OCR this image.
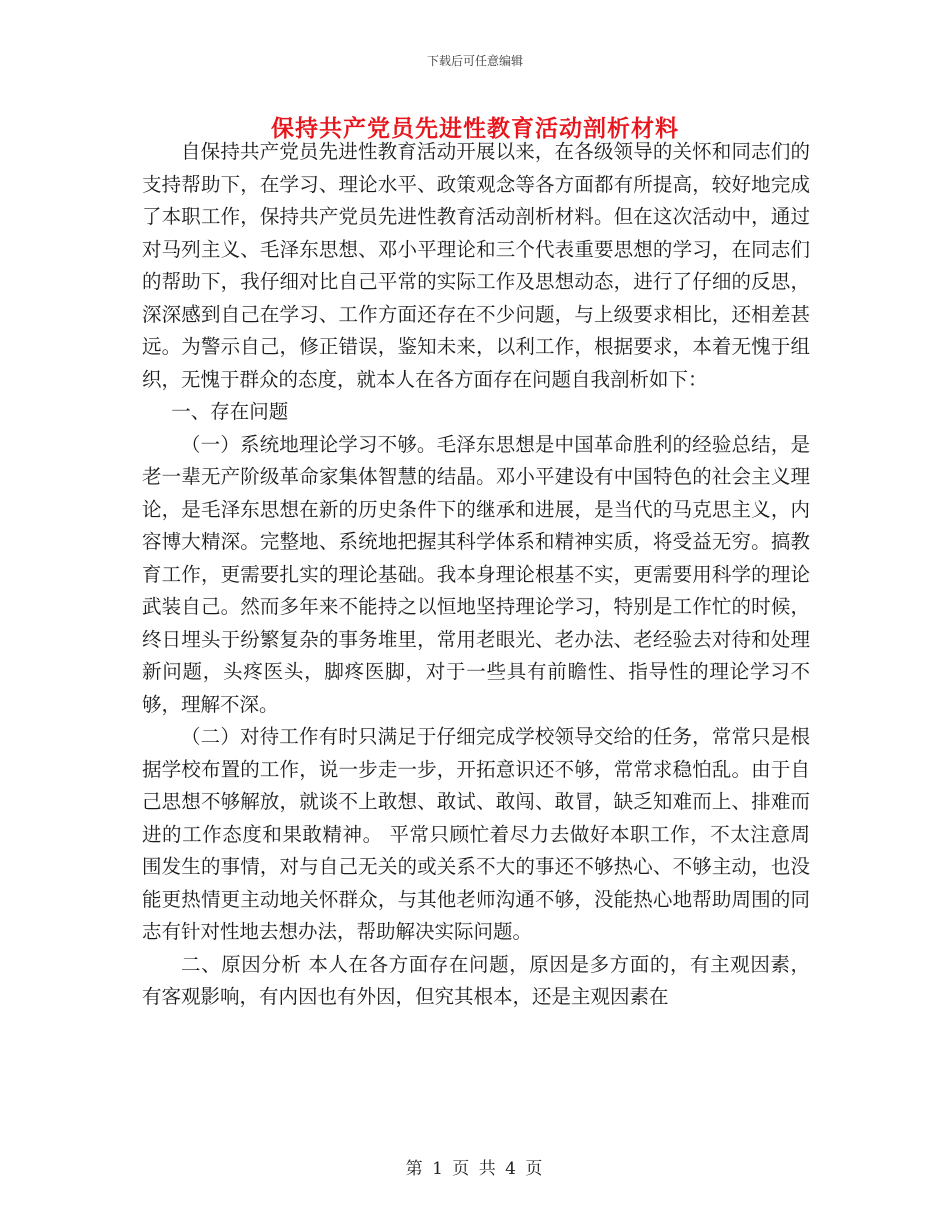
下载后可任意编辑
保持共产党员先进性教育活动剖析材料

自保持共产党员先进性教育活动开展以来，在各级领导的关怀和同志们的支持帮助下，在学习、理论水平、政策观念等各方面都有所提高，较好地完成了本职工作，保持共产党员先进性教育活动剖析材料。但在这次活动中，通过对马列主义、毛泽东思想、邓小平理论和三个代表重要思想的学习，在同志们的帮助下，我仔细对比自己平常的实际工作及思想动态，进行了仔细的反思，深深感到自己在学习、工作方面还存在不少问题，与上级要求相比，还相差甚远。为警示自己，修正错误，鉴知未来，以利工作，根据要求，本着无愧于组织，无愧于群众的态度，就本人在各方面存在问题自我剖析如下：

一、存在问题

（一）系统地理论学习不够。毛泽东思想是中国革命胜利的经验总结，是老一辈无产阶级革命家集体智慧的结晶。邓小平建设有中国特色的社会主义理论，是毛泽东思想在新的历史条件下的继承和进展，是当代的马克思主义，内容博大精深。完整地、系统地把握其科学体系和精神实质，将受益无穷。搞教育工作，更需要扎实的理论基础。我本身理论根基不实，更需要用科学的理论武装自己。然而多年来不能持之以恒地坚持理论学习，特别是工作忙的时候，终日埋头于纷繁复杂的事务堆里，常用老眼光、老办法、老经验去对待和处理新问题，头疼医头，脚疼医脚，对于一些具有前瞻性、指导性的理论学习不够，理解不深。

（二）对待工作有时只满足于仔细完成学校领导交给的任务，常常只是根据学校布置的工作，说一步走一步，开拓意识还不够，常常求稳怕乱。由于自己思想不够解放，就谈不上敢想、敢试、敢闯、敢冒，缺乏知难而上、排难而进的工作态度和果敢精神。 平常只顾忙着尽力去做好本职工作，不太注意周围发生的事情，对与自己无关的或关系不大的事还不够热心、不够主动，也没能更热情更主动地关怀群众，与其他老师沟通不够，没能热心地帮助周围的同志有针对性地去想办法，帮助解决实际问题。

二、原因分析 本人在各方面存在问题，原因是多方面的，有主观因素，有客观影响，有内因也有外因，但究其根本，还是主观因素在

第 1 页 共 4 页
